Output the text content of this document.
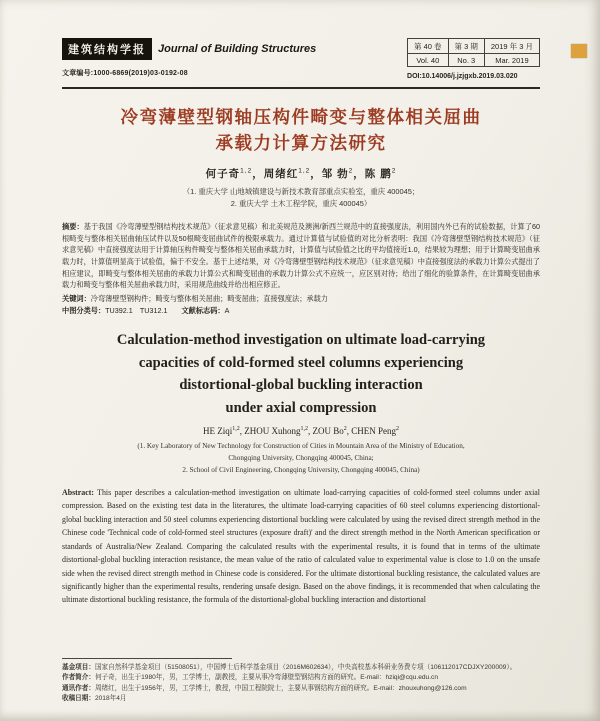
建筑结构学报	Journal of Building Structures
文章编号:1000-6869(2019)03-0192-08
第 40 卷	第 3 期	2019 年 3 月
Vol. 40	No. 3	Mar. 2019
DOI:10.14006/j.jzjgxb.2019.03.020
冷弯薄壁型钢轴压构件畸变与整体相关屈曲
承载力计算方法研究
何子奇$^{1,2}$，周绪红$^{1,2}$，邹 勃$^2$，陈 鹏$^2$
（1. 重庆大学 山地城镇建设与新技术教育部重点实验室，重庆 400045；
2. 重庆大学 土木工程学院，重庆 400045）

摘要：基于我国《冷弯薄壁型钢结构技术规范》（征求意见稿）和北美规范及澳洲/新西兰规范中的直接强度法，利用国内外已有的试验数据，计算了60根畸变与整体相关屈曲轴压试件以及50根畸变屈曲试件的极限承载力。通过计算值与试验值的对比分析表明：我国《冷弯薄壁型钢结构技术规范》（征求意见稿）中直接强度法用于计算轴压构件畸变与整体相关屈曲承载力时，计算值与试验值之比的平均值接近1.0，结果较为理想；用于计算畸变屈曲承载力时，计算值明显高于试验值，偏于不安全。基于上述结果，对《冷弯薄壁型钢结构技术规范》（征求意见稿）中直接强度法的承载力计算公式提出了相应建议，即畸变与整体相关屈曲的承载力计算公式和畸变屈曲的承载力计算公式不应统一，应区别对待；给出了细化的验算条件，在计算畸变屈曲承载力和畸变与整体相关屈曲承载力时，采用规范曲线并给出相应修正。

关键词：冷弯薄壁型钢构件；畸变与整体相关屈曲；畸变屈曲；直接强度法；承载力

中图分类号：TU392.1　TU312.1 文献标志码：A

Calculation-method investigation on ultimate load-carrying
capacities of cold-formed steel columns experiencing
distortional-global buckling interaction
under axial compression
HE Ziqi$^{1,2}$, ZHOU Xuhong$^{1,2}$, ZOU Bo$^2$, CHEN Peng$^2$
(1. Key Laboratory of New Technology for Construction of Cities in Mountain Area of the Ministry of Education,
Chongqing University, Chongqing 400045, China;
2. School of Civil Engineering, Chongqing University, Chongqing 400045, China)

Abstract: This paper describes a calculation-method investigation on ultimate load-carrying capacities of cold-formed steel columns under axial compression. Based on the existing test data in the literatures, the ultimate load-carrying capacities of 60 steel columns experiencing distortional-global buckling interaction and 50 steel columns experiencing distortional buckling were calculated by using the revised direct strength method in the Chinese code 'Technical code of cold-formed steel structures (exposure draft)' and the direct strength method in the North American specification or standards of Australia/New Zealand. Comparing the calculated results with the experimental results, it is found that in terms of the ultimate distortional-global buckling interaction resistance, the mean value of the ratio of calculated value to experimental value is close to 1.0 on the unsafe side when the revised direct strength method in Chinese code is considered. For the ultimate distortional buckling resistance, the calculated values are significantly higher than the experimental results, rendering unsafe design. Based on the above findings, it is recommended that when calculating the ultimate distortional buckling resistance, the formula of the distortional-global buckling interaction and distortional

基金项目：国家自然科学基金项目（51508051），中国博士后科学基金项目（2016M602634），中央高校基本科研业务费专项（106112017CDJXY200009）。

作者简介：何子奇，出生于1980年，男，工学博士，副教授，主要从事冷弯薄壁型钢结构方面的研究。E-mail：hziqi@cqu.edu.cn

通讯作者：周绪红，出生于1956年，男，工学博士，教授，中国工程院院士，主要从事钢结构方面的研究。E-mail：zhouxuhong@126.com

收稿日期：2018年4月
